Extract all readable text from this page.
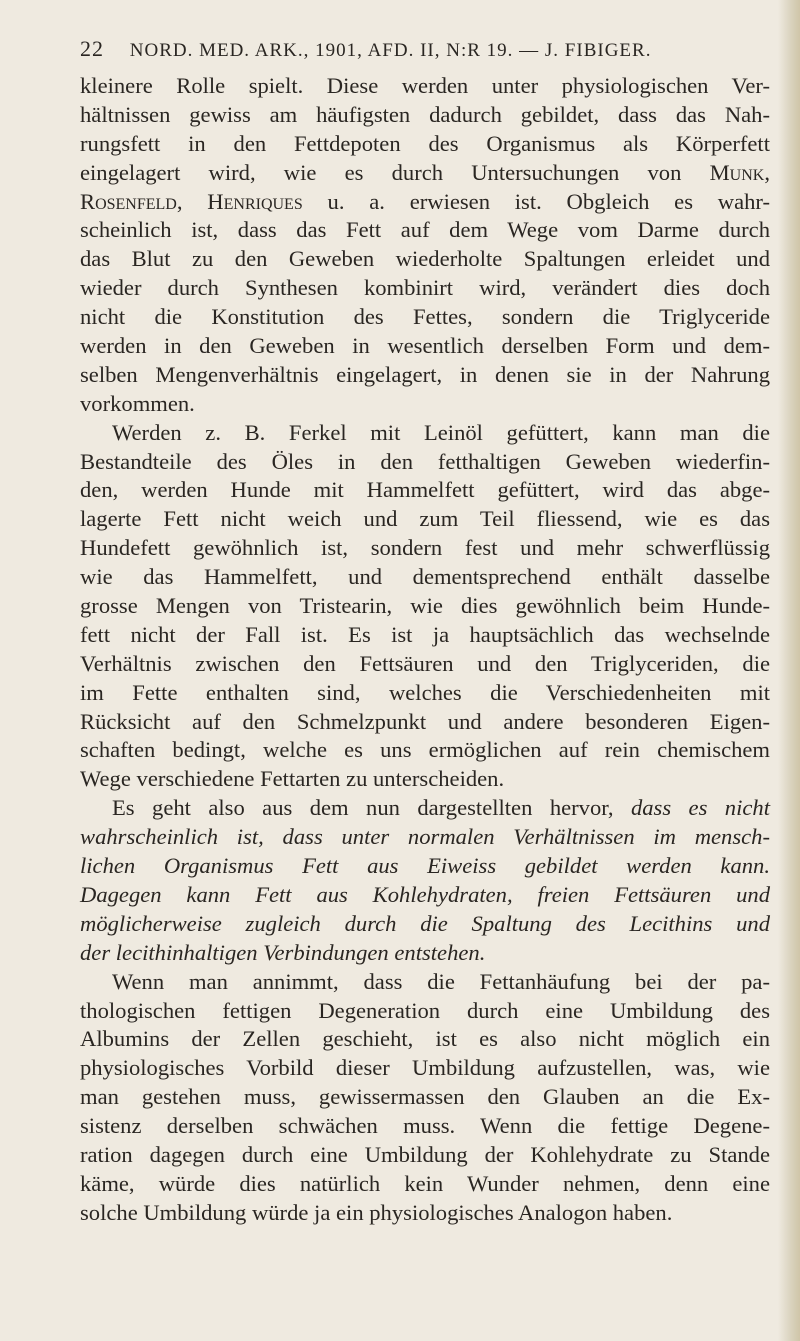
22 NORD. MED. ARK., 1901, AFD. II, N:R 19. — J. FIBIGER.
kleinere Rolle spielt. Diese werden unter physiologischen Ver-
hältnissen gewiss am häufigsten dadurch gebildet, dass das Nah-
rungsfett in den Fettdepoten des Organismus als Körperfett
eingelagert wird, wie es durch Untersuchungen von Munk,
Rosenfeld, Henriques u. a. erwiesen ist. Obgleich es wahr-
scheinlich ist, dass das Fett auf dem Wege vom Darme durch
das Blut zu den Geweben wiederholte Spaltungen erleidet und
wieder durch Synthesen kombinirt wird, verändert dies doch
nicht die Konstitution des Fettes, sondern die Triglyceride
werden in den Geweben in wesentlich derselben Form und dem-
selben Mengenverhältnis eingelagert, in denen sie in der Nahrung
vorkommen.
Werden z. B. Ferkel mit Leinöl gefüttert, kann man die
Bestandteile des Öles in den fetthaltigen Geweben wiederfin-
den, werden Hunde mit Hammelfett gefüttert, wird das abge-
lagerte Fett nicht weich und zum Teil fliessend, wie es das
Hundefett gewöhnlich ist, sondern fest und mehr schwerflüssig
wie das Hammelfett, und dementsprechend enthält dasselbe
grosse Mengen von Tristearin, wie dies gewöhnlich beim Hunde-
fett nicht der Fall ist. Es ist ja hauptsächlich das wechselnde
Verhältnis zwischen den Fettsäuren und den Triglyceriden, die
im Fette enthalten sind, welches die Verschiedenheiten mit
Rücksicht auf den Schmelzpunkt und andere besonderen Eigen-
schaften bedingt, welche es uns ermöglichen auf rein chemischem
Wege verschiedene Fettarten zu unterscheiden.
Es geht also aus dem nun dargestellten hervor, dass es nicht
wahrscheinlich ist, dass unter normalen Verhältnissen im mensch-
lichen Organismus Fett aus Eiweiss gebildet werden kann.
Dagegen kann Fett aus Kohlehydraten, freien Fettsäuren und
möglicherweise zugleich durch die Spaltung des Lecithins und
der lecithinhaltigen Verbindungen entstehen.
Wenn man annimmt, dass die Fettanhäufung bei der pa-
thologischen fettigen Degeneration durch eine Umbildung des
Albumins der Zellen geschieht, ist es also nicht möglich ein
physiologisches Vorbild dieser Umbildung aufzustellen, was, wie
man gestehen muss, gewissermassen den Glauben an die Ex-
sistenz derselben schwächen muss. Wenn die fettige Degene-
ration dagegen durch eine Umbildung der Kohlehydrate zu Stande
käme, würde dies natürlich kein Wunder nehmen, denn eine
solche Umbildung würde ja ein physiologisches Analogon haben.
